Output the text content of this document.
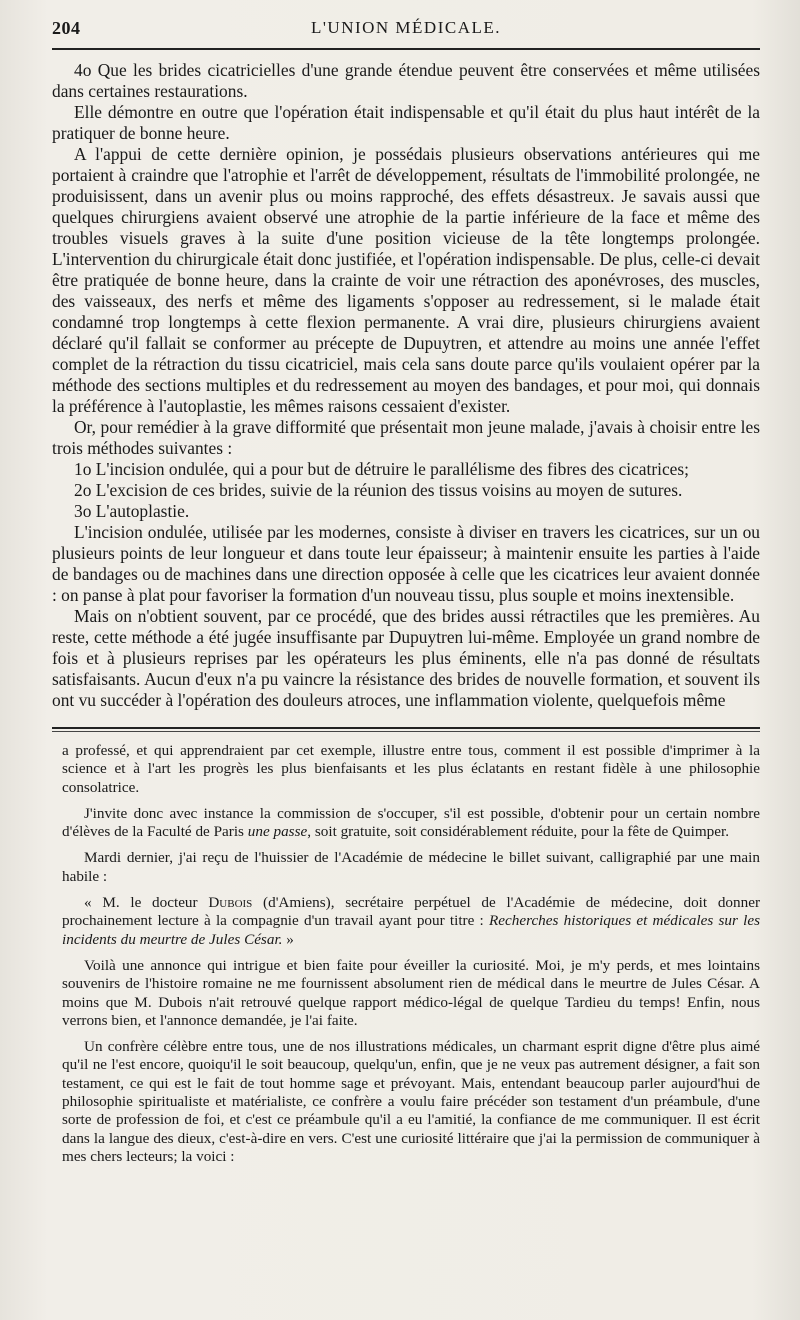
204	L'UNION MÉDICALE.

4o Que les brides cicatricielles d'une grande étendue peuvent être conservées et même utilisées dans certaines restaurations.

Elle démontre en outre que l'opération était indispensable et qu'il était du plus haut intérêt de la pratiquer de bonne heure.

A l'appui de cette dernière opinion, je possédais plusieurs observations antérieures qui me portaient à craindre que l'atrophie et l'arrêt de développement, résultats de l'immobilité prolongée, ne produisissent, dans un avenir plus ou moins rapproché, des effets désastreux. Je savais aussi que quelques chirurgiens avaient observé une atrophie de la partie inférieure de la face et même des troubles visuels graves à la suite d'une position vicieuse de la tête longtemps prolongée. L'intervention du chirurgicale était donc justifiée, et l'opération indispensable. De plus, celle-ci devait être pratiquée de bonne heure, dans la crainte de voir une rétraction des aponévroses, des muscles, des vaisseaux, des nerfs et même des ligaments s'opposer au redressement, si le malade était condamné trop longtemps à cette flexion permanente. A vrai dire, plusieurs chirurgiens avaient déclaré qu'il fallait se conformer au précepte de Dupuytren, et attendre au moins une année l'effet complet de la rétraction du tissu cicatriciel, mais cela sans doute parce qu'ils voulaient opérer par la méthode des sections multiples et du redressement au moyen des bandages, et pour moi, qui donnais la préférence à l'autoplastie, les mêmes raisons cessaient d'exister.

Or, pour remédier à la grave difformité que présentait mon jeune malade, j'avais à choisir entre les trois méthodes suivantes :

1o L'incision ondulée, qui a pour but de détruire le parallélisme des fibres des cicatrices;

2o L'excision de ces brides, suivie de la réunion des tissus voisins au moyen de sutures.

3o L'autoplastie.

L'incision ondulée, utilisée par les modernes, consiste à diviser en travers les cicatrices, sur un ou plusieurs points de leur longueur et dans toute leur épaisseur; à maintenir ensuite les parties à l'aide de bandages ou de machines dans une direction opposée à celle que les cicatrices leur avaient donnée : on panse à plat pour favoriser la formation d'un nouveau tissu, plus souple et moins inextensible.

Mais on n'obtient souvent, par ce procédé, que des brides aussi rétractiles que les premières. Au reste, cette méthode a été jugée insuffisante par Dupuytren lui-même. Employée un grand nombre de fois et à plusieurs reprises par les opérateurs les plus éminents, elle n'a pas donné de résultats satisfaisants. Aucun d'eux n'a pu vaincre la résistance des brides de nouvelle formation, et souvent ils ont vu succéder à l'opération des douleurs atroces, une inflammation violente, quelquefois même

a professé, et qui apprendraient par cet exemple, illustre entre tous, comment il est possible d'imprimer à la science et à l'art les progrès les plus bienfaisants et les plus éclatants en restant fidèle à une philosophie consolatrice.

J'invite donc avec instance la commission de s'occuper, s'il est possible, d'obtenir pour un certain nombre d'élèves de la Faculté de Paris une passe, soit gratuite, soit considérablement réduite, pour la fête de Quimper.

Mardi dernier, j'ai reçu de l'huissier de l'Académie de médecine le billet suivant, calligraphié par une main habile :

« M. le docteur Dubois (d'Amiens), secrétaire perpétuel de l'Académie de médecine, doit donner prochainement lecture à la compagnie d'un travail ayant pour titre : Recherches historiques et médicales sur les incidents du meurtre de Jules César. »

Voilà une annonce qui intrigue et bien faite pour éveiller la curiosité. Moi, je m'y perds, et mes lointains souvenirs de l'histoire romaine ne me fournissent absolument rien de médical dans le meurtre de Jules César. A moins que M. Dubois n'ait retrouvé quelque rapport médico-légal de quelque Tardieu du temps! Enfin, nous verrons bien, et l'annonce demandée, je l'ai faite.

Un confrère célèbre entre tous, une de nos illustrations médicales, un charmant esprit digne d'être plus aimé qu'il ne l'est encore, quoiqu'il le soit beaucoup, quelqu'un, enfin, que je ne veux pas autrement désigner, a fait son testament, ce qui est le fait de tout homme sage et prévoyant. Mais, entendant beaucoup parler aujourd'hui de philosophie spiritualiste et matérialiste, ce confrère a voulu faire précéder son testament d'un préambule, d'une sorte de profession de foi, et c'est ce préambule qu'il a eu l'amitié, la confiance de me communiquer. Il est écrit dans la langue des dieux, c'est-à-dire en vers. C'est une curiosité littéraire que j'ai la permission de communiquer à mes chers lecteurs; la voici :
